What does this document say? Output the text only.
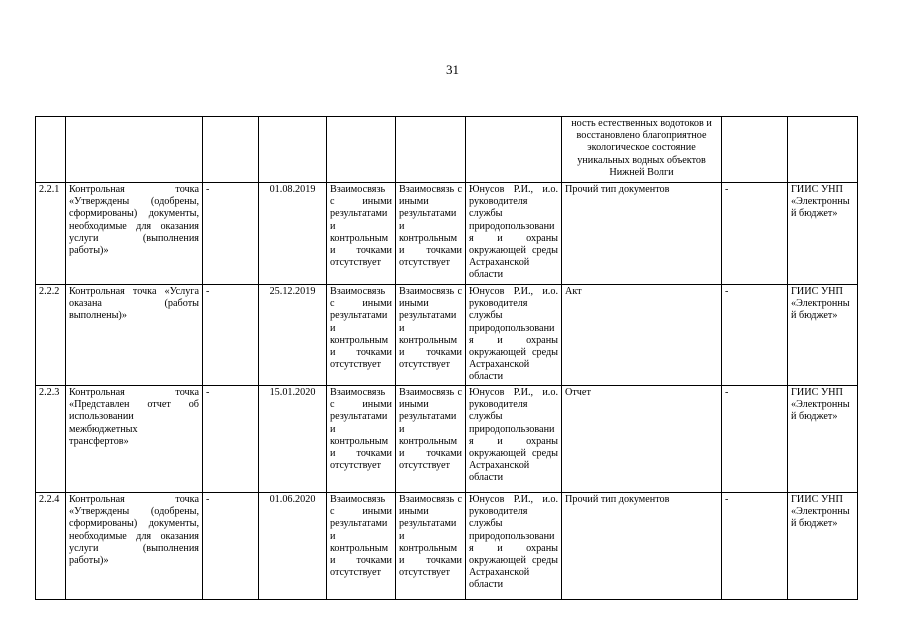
31
							ность естественных водотоков и восстановлено благоприятное экологическое состояние уникальных водных объектов Нижней Волги		
2.2.1	Контрольная точка «Утверждены (одобрены, сформированы) документы, необходимые для оказания услуги (выполнения работы)»	-	01.08.2019	Взаимосвязь с иными результатами и контрольными точками отсутствует	Взаимосвязь с иными результатами и контрольными точками отсутствует	Юнусов Р.И., и.о. руководителя службы природопользования и охраны окружающей среды Астраханской области	Прочий тип документов	-	ГИИС УНП «Электронный бюджет»
2.2.2	Контрольная точка «Услуга оказана (работы выполнены)»	-	25.12.2019	Взаимосвязь с иными результатами и контрольными точками отсутствует	Взаимосвязь с иными результатами и контрольными точками отсутствует	Юнусов Р.И., и.о. руководителя службы природопользования и охраны окружающей среды Астраханской области	Акт	-	ГИИС УНП «Электронный бюджет»
2.2.3	Контрольная точка «Представлен отчет об использовании межбюджетных трансфертов»	-	15.01.2020	Взаимосвязь с иными результатами и контрольными точками отсутствует	Взаимосвязь с иными результатами и контрольными точками отсутствует	Юнусов Р.И., и.о. руководителя службы природопользования и охраны окружающей среды Астраханской области	Отчет	-	ГИИС УНП «Электронный бюджет»
2.2.4	Контрольная точка «Утверждены (одобрены, сформированы) документы, необходимые для оказания услуги (выполнения работы)»	-	01.06.2020	Взаимосвязь с иными результатами и контрольными точками отсутствует	Взаимосвязь с иными результатами и контрольными точками отсутствует	Юнусов Р.И., и.о. руководителя службы природопользования и охраны окружающей среды Астраханской области	Прочий тип документов	-	ГИИС УНП «Электронный бюджет»
